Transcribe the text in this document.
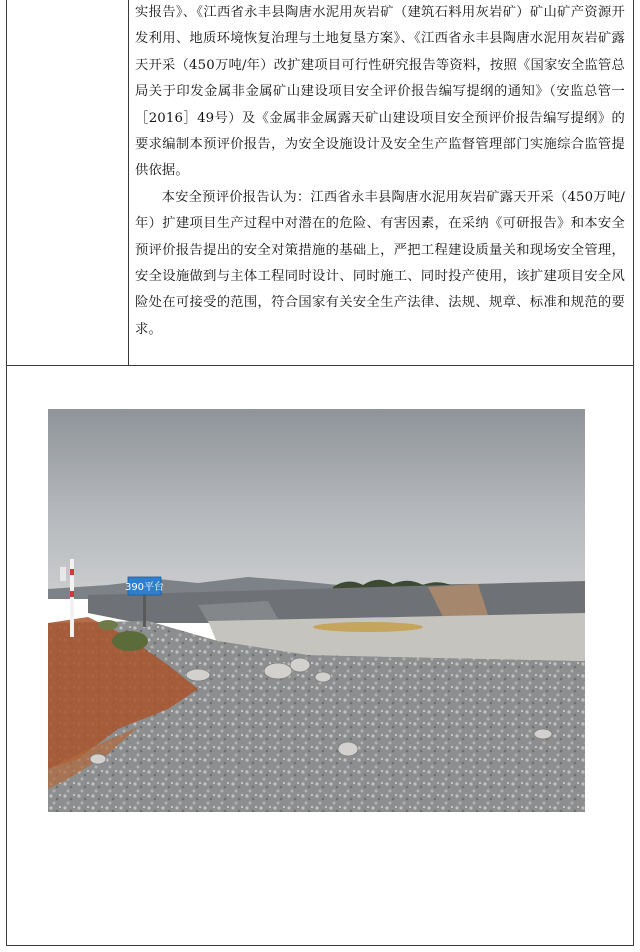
实报告》、《江西省永丰县陶唐水泥用灰岩矿（建筑石料用灰岩矿）矿山矿产资源开发利用、地质环境恢复治理与土地复垦方案》、《江西省永丰县陶唐水泥用灰岩矿露天开采（450万吨/年）改扩建项目可行性研究报告等资料，按照《国家安全监管总局关于印发金属非金属矿山建设项目安全评价报告编写提纲的通知》（安监总管一［2016］49号）及《金属非金属露天矿山建设项目安全预评价报告编写提纲》的要求编制本预评价报告，为安全设施设计及安全生产监督管理部门实施综合监管提供依据。

本安全预评价报告认为：江西省永丰县陶唐水泥用灰岩矿露天开采（450万吨/年）扩建项目生产过程中对潜在的危险、有害因素，在采纳《可研报告》和本安全预评价报告提出的安全对策措施的基础上，严把工程建设质量关和现场安全管理，安全设施做到与主体工程同时设计、同时施工、同时投产使用，该扩建项目安全风险处在可接受的范围，符合国家有关安全生产法律、法规、规章、标准和规范的要求。

390平台
